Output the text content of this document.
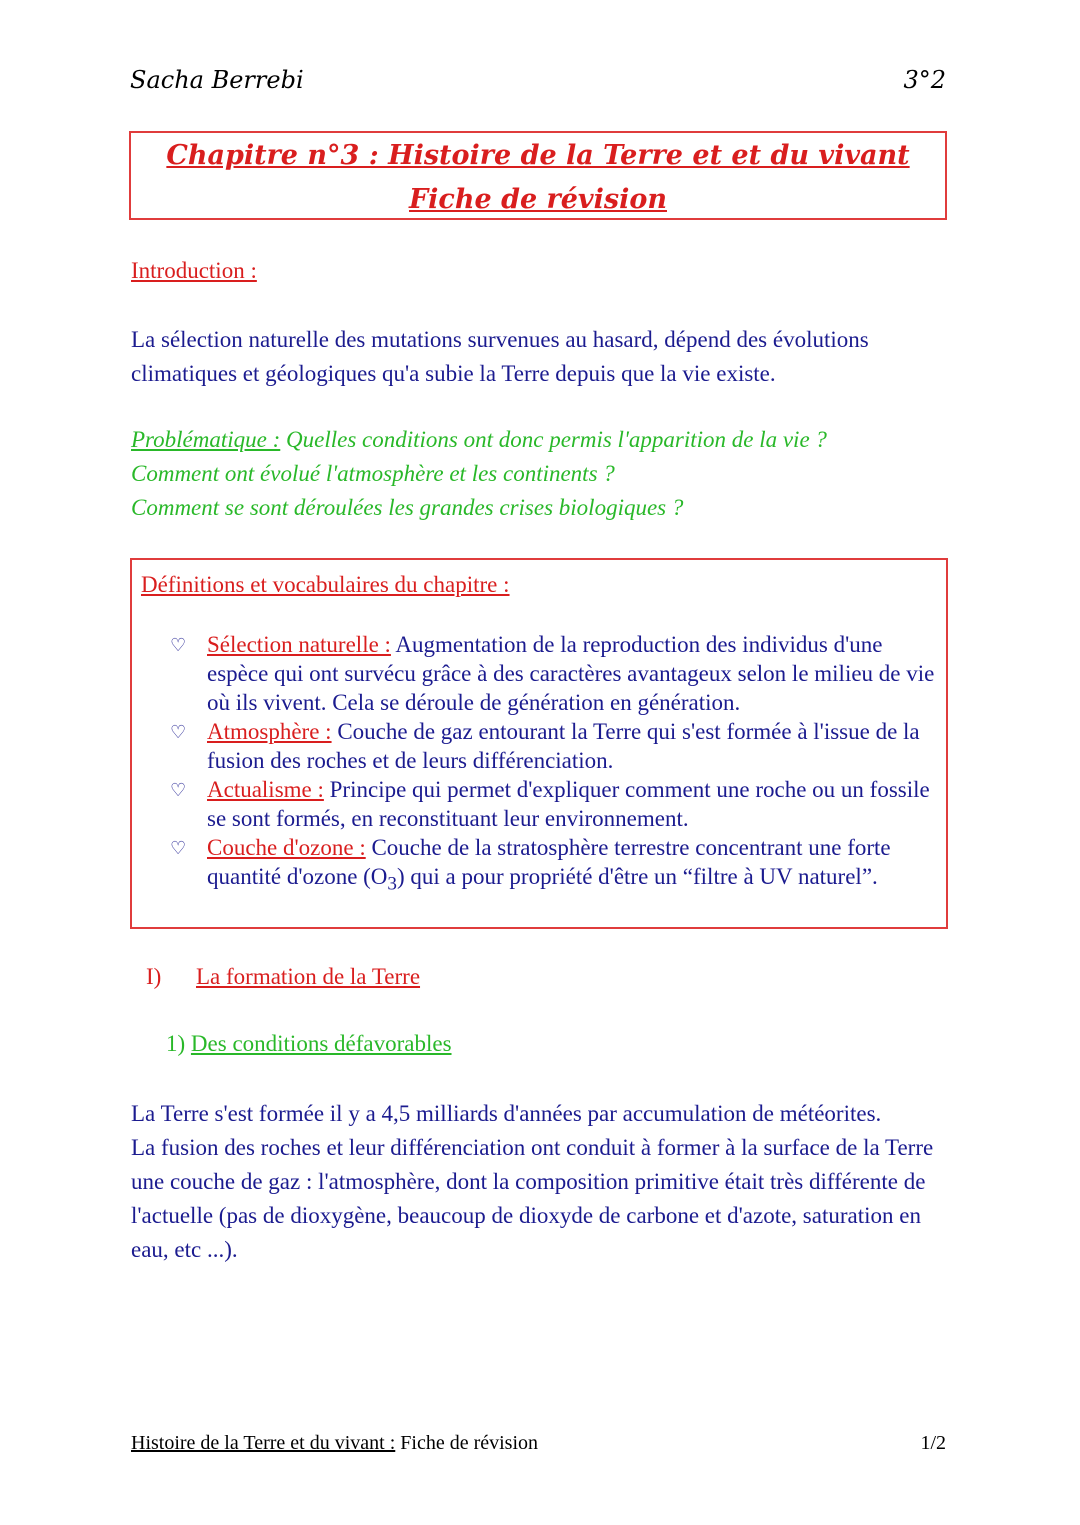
Sacha Berrebi	3°2
Chapitre n°3 : Histoire de la Terre et et du vivant
Fiche de révision
Introduction :
La sélection naturelle des mutations survenues au hasard, dépend des évolutions climatiques et géologiques qu'a subie la Terre depuis que la vie existe.
Problématique : Quelles conditions ont donc permis l'apparition de la vie ?
Comment ont évolué l'atmosphère et les continents ?
Comment se sont déroulées les grandes crises biologiques ?
Définitions et vocabulaires du chapitre :
♡ Sélection naturelle : Augmentation de la reproduction des individus d'une espèce qui ont survécu grâce à des caractères avantageux selon le milieu de vie où ils vivent. Cela se déroule de génération en génération.
♡ Atmosphère : Couche de gaz entourant la Terre qui s'est formée à l'issue de la fusion des roches et de leurs différenciation.
♡ Actualisme : Principe qui permet d'expliquer comment une roche ou un fossile se sont formés, en reconstituant leur environnement.
♡ Couche d'ozone : Couche de la stratosphère terrestre concentrant une forte quantité d'ozone $(O_3)$ qui a pour propriété d'être un “filtre à UV naturel”.
I) La formation de la Terre
1) Des conditions défavorables
La Terre s'est formée il y a 4,5 milliards d'années par accumulation de météorites.
La fusion des roches et leur différenciation ont conduit à former à la surface de la Terre une couche de gaz : l'atmosphère, dont la composition primitive était très différente de l'actuelle (pas de dioxygène, beaucoup de dioxyde de carbone et d'azote, saturation en eau, etc ...).
Histoire de la Terre et du vivant : Fiche de révision	1/2
